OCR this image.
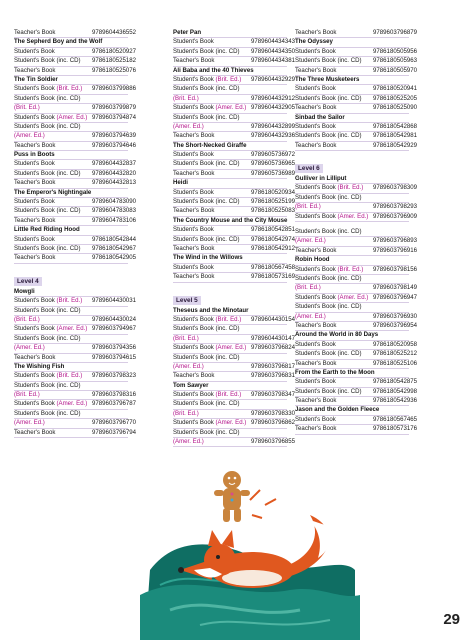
Teacher's Book	9789604436552
The Sepherd Boy and the Wolf
Student's Book	9786180520927
Student's Book (inc. CD) 9786180525182
Teacher's Book	9786180525076
The Tin Soldier
Student's Book (Brit. Ed.) 9789603799886
Student's Book (inc. CD)
(Brit. Ed.)	9789603799879
Student's Book (Amer. Ed.) 9789603794874
Student's Book (inc. CD)
(Amer. Ed.)	9789603794639
Teacher's Book	9789603794646
Puss in Boots
Student's Book	9789604432837
Student's Book (inc. CD) 9789604432820
Teacher's Book	9789604432813
The Emperor's Nightingale
Student's Book	9789604783090
Student's Book (inc. CD) 9789604783083
Teacher's Book	9789604783106
Little Red Riding Hood
Student's Book	9786180542844
Student's Book (inc. CD) 9786180542967
Teacher's Book	9786180542905
Level 4
Mowgli
Student's Book (Brit. Ed.) 9789604430031
Student's Book (inc. CD)
(Brit. Ed.)	9789604430024
Student's Book (Amer. Ed.) 9789603794967
Student's Book (inc. CD)
(Amer. Ed.)	9789603794356
Teacher's Book	9789603794615
The Wishing Fish
Student's Book (Brit. Ed.) 9789603798323
Student's Book (inc. CD)
(Brit. Ed.)	9789603798316
Student's Book (Amer. Ed.) 9789603796787
Student's Book (inc. CD)
(Amer. Ed.)	9789603796770
Teacher's Book	9789603796794
Peter Pan
Student's Book	9789604434343
Student's Book (inc. CD) 9789604434350
Teacher's Book	9789604434381
Ali Baba and the 40 Thieves
Student's Book (Brit. Ed.) 9789604432929
Student's Book (inc. CD)
(Brit. Ed.)	9789604432912
Student's Book (Amer. Ed.) 9789604432905
Student's Book (inc. CD)
(Amer. Ed.)	9789604432899
Teacher's Book	9789604432936
The Short-Necked Giraffe
Student's Book	9789605736972
Student's Book (inc. CD) 9789605736965
Teacher's Book	9789605736989
Heidi
Student's Book	9786180520934
Student's Book (inc. CD) 9786180525199
Teacher's Book	9786180525083
The Country Mouse and the City Mouse
Student's Book	9786180542851
Student's Book (inc. CD) 9786180542974
Teacher's Book	9786180542912
The Wind in the Willows
Student's Book	9786180567458
Teacher's Book	9786180573169
Level 5
Theseus and the Minotaur
Student's Book (Brit. Ed.) 9789604430154
Student's Book (inc. CD)
(Brit. Ed.)	9789604430147
Student's Book (Amer. Ed.) 9789603796824
Student's Book (inc. CD)
(Amer. Ed.)	9789603796817
Teacher's Book	9789603796831
Tom Sawyer
Student's Book (Brit. Ed.) 9789603798347
Student's Book (inc. CD)
(Brit. Ed.)	9789603798330
Student's Book (Amer. Ed.) 9789603796862
Student's Book (inc. CD)
(Amer. Ed.)	9789603796855
Teacher's Book	9789603796879
The Odyssey
Student's Book	9786180505956
Student's Book (inc. CD) 9786180505963
Teacher's Book	9786180505970
The Three Musketeers
Student's Book	9786180520941
Student's Book (inc. CD) 9786180525205
Teacher's Book	9786180525090
Sinbad the Sailor
Student's Book	9786180542868
Student's Book (inc. CD) 9786180542981
Teacher's Book	9786180542929
Level 6
Gulliver in Lilliput
Student's Book (Brit. Ed.) 9789603798309
Student's Book (inc. CD)
(Brit. Ed.)	9789603798293
Student's Book (Amer. Ed.) 9789603796909
Student's Book (inc. CD)
(Amer. Ed.)	9789603796893
Teacher's Book	9789603796916
Robin Hood
Student's Book (Brit. Ed.) 9789603798156
Student's Book (inc. CD)
(Brit. Ed.)	9789603798149
Student's Book (Amer. Ed.) 9789603796947
Student's Book (inc. CD)
(Amer. Ed.)	9789603796930
Teacher's Book	9789603796954
Around the World in 80 Days
Student's Book	9786180520958
Student's Book (inc. CD) 9786180525212
Teacher's Book	9786180525106
From the Earth to the Moon
Student's Book	9786180542875
Student's Book (inc. CD) 9786180542998
Teacher's Book	9786180542936
Jason and the Golden Fleece
Student's Book	9786180567465
Teacher's Book	9786180573176
29
